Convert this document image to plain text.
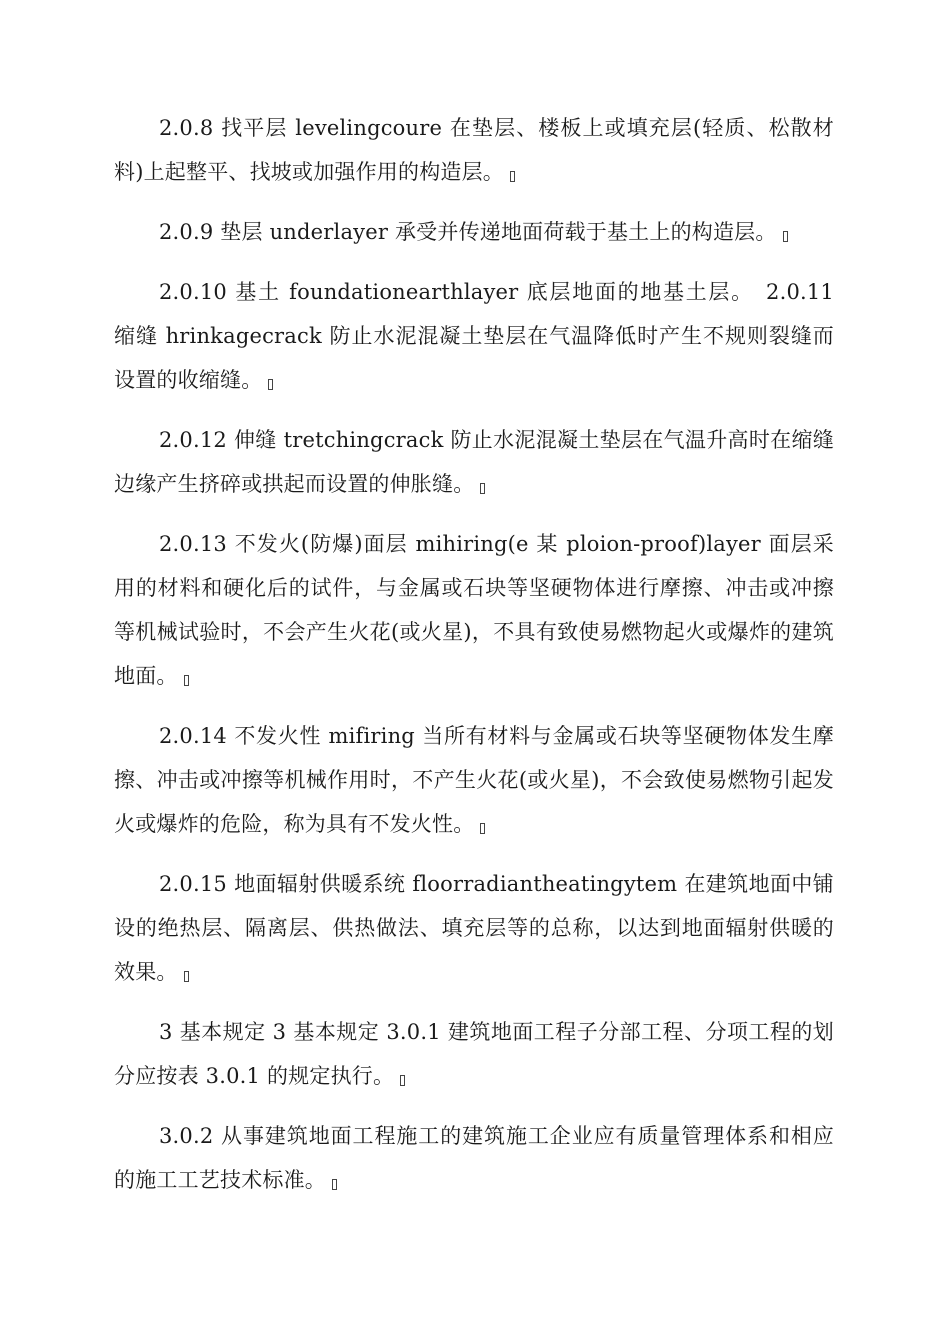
2.0.8 找平层 levelingcoure 在垫层、楼板上或填充层(轻质、松散材料)上起整平、找坡或加强作用的构造层。

2.0.9 垫层 underlayer 承受并传递地面荷载于基土上的构造层。

2.0.10 基土 foundationearthlayer 底层地面的地基土层。　2.0.11 缩缝 hrinkagecrack 防止水泥混凝土垫层在气温降低时产生不规则裂缝而设置的收缩缝。

2.0.12 伸缝 tretchingcrack 防止水泥混凝土垫层在气温升高时在缩缝边缘产生挤碎或拱起而设置的伸胀缝。

2.0.13 不发火(防爆)面层 mihiring(e 某 ploion-proof)layer 面层采用的材料和硬化后的试件，与金属或石块等坚硬物体进行摩擦、冲击或冲擦等机械试验时，不会产生火花(或火星)，不具有致使易燃物起火或爆炸的建筑地面。

2.0.14 不发火性 mifiring 当所有材料与金属或石块等坚硬物体发生摩擦、冲击或冲擦等机械作用时，不产生火花(或火星)，不会致使易燃物引起发火或爆炸的危险，称为具有不发火性。

2.0.15 地面辐射供暖系统 floorradiantheatingytem 在建筑地面中铺设的绝热层、隔离层、供热做法、填充层等的总称，以达到地面辐射供暖的效果。

3 基本规定 3 基本规定 3.0.1 建筑地面工程子分部工程、分项工程的划分应按表 3.0.1 的规定执行。

3.0.2 从事建筑地面工程施工的建筑施工企业应有质量管理体系和相应的施工工艺技术标准。
